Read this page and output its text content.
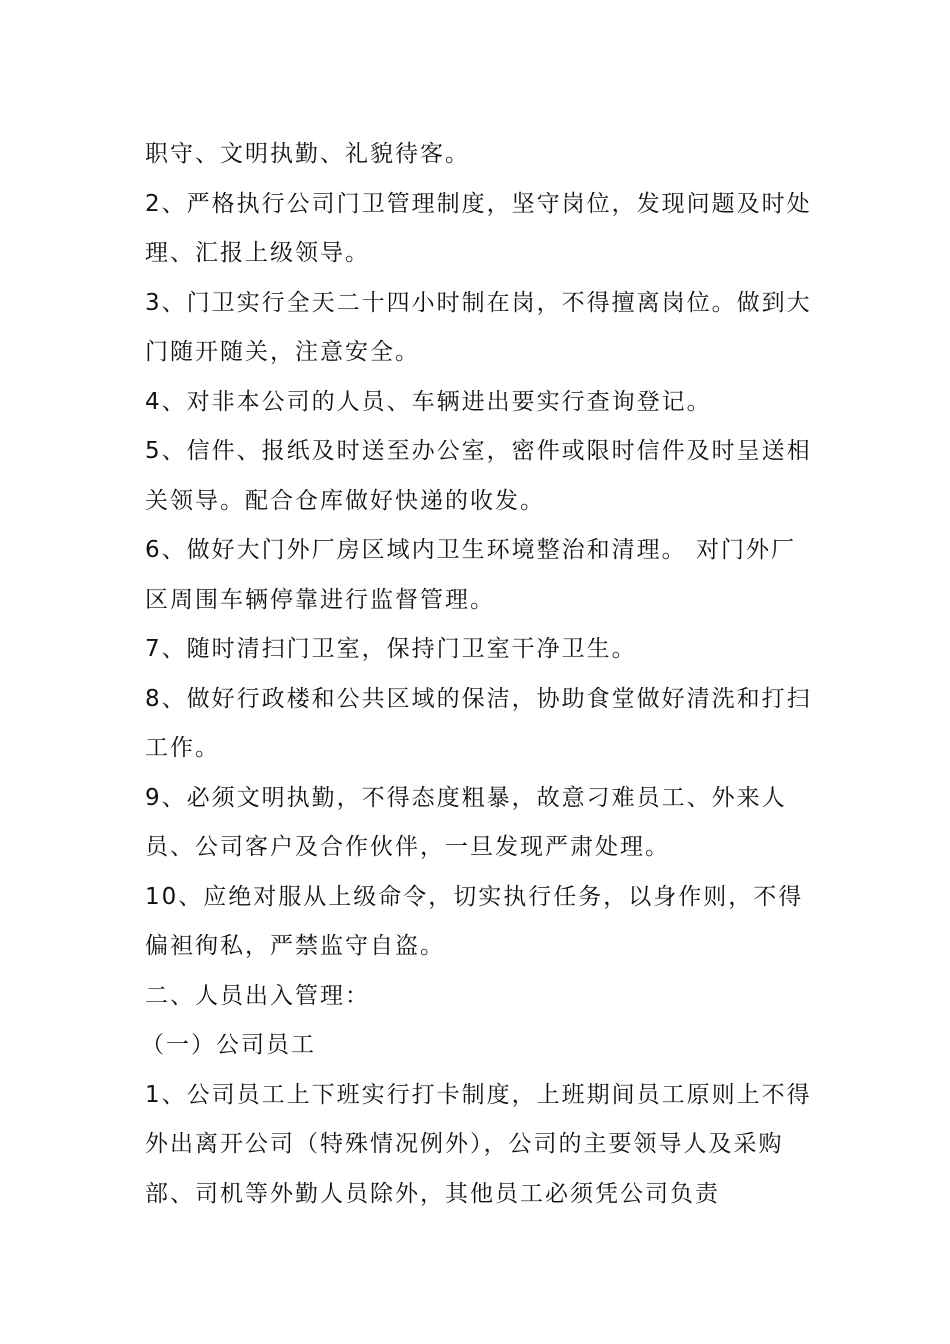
职守、文明执勤、礼貌待客。

2、严格执行公司门卫管理制度，坚守岗位，发现问题及时处理、汇报上级领导。

3、门卫实行全天二十四小时制在岗，不得擅离岗位。做到大门随开随关，注意安全。

4、对非本公司的人员、车辆进出要实行查询登记。

5、信件、报纸及时送至办公室，密件或限时信件及时呈送相关领导。配合仓库做好快递的收发。

6、做好大门外厂房区域内卫生环境整治和清理。 对门外厂区周围车辆停靠进行监督管理。

7、随时清扫门卫室，保持门卫室干净卫生。

8、做好行政楼和公共区域的保洁，协助食堂做好清洗和打扫工作。

9、必须文明执勤，不得态度粗暴，故意刁难员工、外来人员、公司客户及合作伙伴，一旦发现严肃处理。

10、应绝对服从上级命令，切实执行任务，以身作则，不得偏袒徇私，严禁监守自盗。

二、人员出入管理：

（一）公司员工

1、公司员工上下班实行打卡制度，上班期间员工原则上不得外出离开公司（特殊情况例外），公司的主要领导人及采购部、司机等外勤人员除外，其他员工必须凭公司负责
